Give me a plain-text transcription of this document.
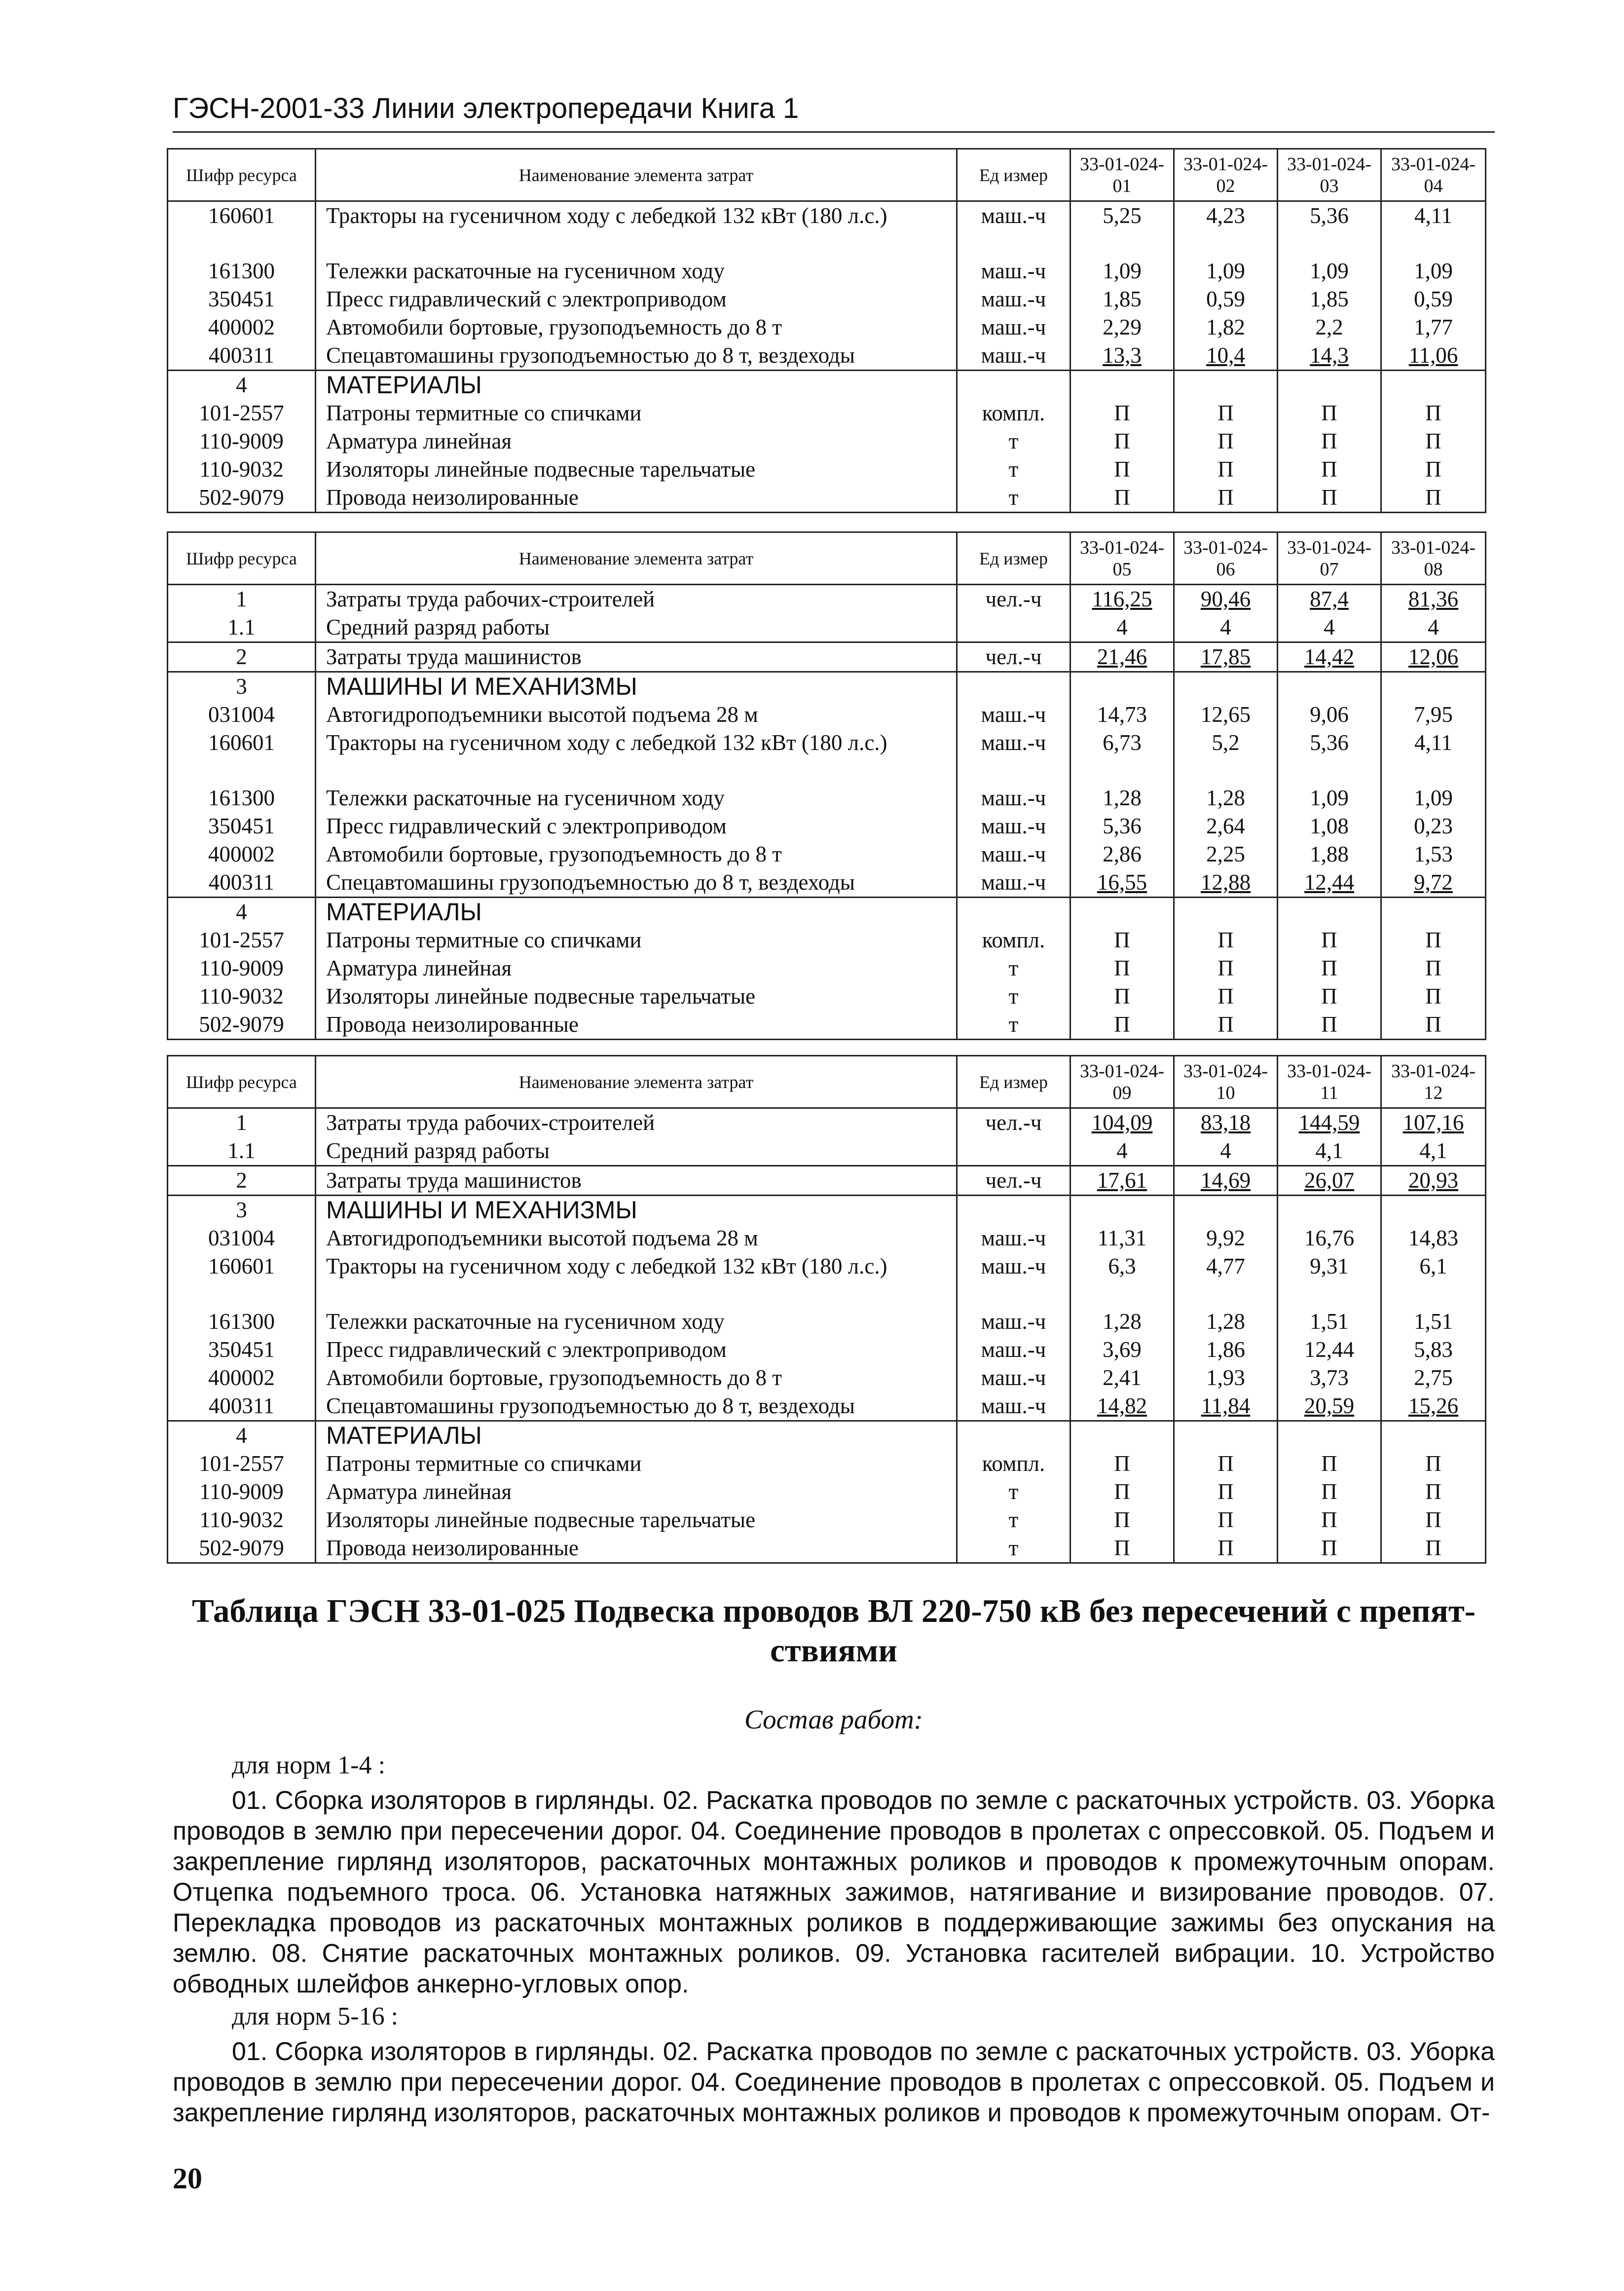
ГЭСН-2001-33 Линии электропередачи Книга 1
Шифр ресурса	Наименование элемента затрат	Ед измер	33-01-024-01	33-01-024-02	33-01-024-03	33-01-024-04
160601	Тракторы на гусеничном ходу с лебедкой 132 кВт (180 л.с.)	маш.-ч	5,25	4,23	5,36	4,11
161300	Тележки раскаточные на гусеничном ходу	маш.-ч	1,09	1,09	1,09	1,09
350451	Пресс гидравлический с электроприводом	маш.-ч	1,85	0,59	1,85	0,59
400002	Автомобили бортовые, грузоподъемность до 8 т	маш.-ч	2,29	1,82	2,2	1,77
400311	Спецавтомашины грузоподъемностью до 8 т, вездеходы	маш.-ч	13,3	10,4	14,3	11,06
4	МАТЕРИАЛЫ					
101-2557	Патроны термитные со спичками	компл.	П	П	П	П
110-9009	Арматура линейная	т	П	П	П	П
110-9032	Изоляторы линейные подвесные тарельчатые	т	П	П	П	П
502-9079	Провода неизолированные	т	П	П	П	П
Шифр ресурса	Наименование элемента затрат	Ед измер	33-01-024-05	33-01-024-06	33-01-024-07	33-01-024-08
1	Затраты труда рабочих-строителей	чел.-ч	116,25	90,46	87,4	81,36
1.1	Средний разряд работы		4	4	4	4
2	Затраты труда машинистов	чел.-ч	21,46	17,85	14,42	12,06
3	МАШИНЫ И МЕХАНИЗМЫ					
031004	Автогидроподъемники высотой подъема 28 м	маш.-ч	14,73	12,65	9,06	7,95
160601	Тракторы на гусеничном ходу с лебедкой 132 кВт (180 л.с.)	маш.-ч	6,73	5,2	5,36	4,11
161300	Тележки раскаточные на гусеничном ходу	маш.-ч	1,28	1,28	1,09	1,09
350451	Пресс гидравлический с электроприводом	маш.-ч	5,36	2,64	1,08	0,23
400002	Автомобили бортовые, грузоподъемность до 8 т	маш.-ч	2,86	2,25	1,88	1,53
400311	Спецавтомашины грузоподъемностью до 8 т, вездеходы	маш.-ч	16,55	12,88	12,44	9,72
4	МАТЕРИАЛЫ					
101-2557	Патроны термитные со спичками	компл.	П	П	П	П
110-9009	Арматура линейная	т	П	П	П	П
110-9032	Изоляторы линейные подвесные тарельчатые	т	П	П	П	П
502-9079	Провода неизолированные	т	П	П	П	П
Шифр ресурса	Наименование элемента затрат	Ед измер	33-01-024-09	33-01-024-10	33-01-024-11	33-01-024-12
1	Затраты труда рабочих-строителей	чел.-ч	104,09	83,18	144,59	107,16
1.1	Средний разряд работы		4	4	4,1	4,1
2	Затраты труда машинистов	чел.-ч	17,61	14,69	26,07	20,93
3	МАШИНЫ И МЕХАНИЗМЫ					
031004	Автогидроподъемники высотой подъема 28 м	маш.-ч	11,31	9,92	16,76	14,83
160601	Тракторы на гусеничном ходу с лебедкой 132 кВт (180 л.с.)	маш.-ч	6,3	4,77	9,31	6,1
161300	Тележки раскаточные на гусеничном ходу	маш.-ч	1,28	1,28	1,51	1,51
350451	Пресс гидравлический с электроприводом	маш.-ч	3,69	1,86	12,44	5,83
400002	Автомобили бортовые, грузоподъемность до 8 т	маш.-ч	2,41	1,93	3,73	2,75
400311	Спецавтомашины грузоподъемностью до 8 т, вездеходы	маш.-ч	14,82	11,84	20,59	15,26
4	МАТЕРИАЛЫ					
101-2557	Патроны термитные со спичками	компл.	П	П	П	П
110-9009	Арматура линейная	т	П	П	П	П
110-9032	Изоляторы линейные подвесные тарельчатые	т	П	П	П	П
502-9079	Провода неизолированные	т	П	П	П	П
Таблица ГЭСН 33-01-025 Подвеска проводов ВЛ 220-750 кВ без пересечений с препят-
ствиями
Состав работ:
для норм 1-4 :

01. Сборка изоляторов в гирлянды. 02. Раскатка проводов по земле с раскаточных устройств. 03. Уборка проводов в землю при пересечении дорог. 04. Соединение проводов в пролетах с опрессовкой. 05. Подъем и закрепление гирлянд изоляторов, раскаточных монтажных роликов и проводов к промежуточным опорам. Отцепка подъемного троса. 06. Установка натяжных зажимов, натягивание и визирование проводов. 07. Перекладка проводов из раскаточных монтажных роликов в поддерживающие зажимы без опускания на землю. 08. Снятие раскаточных монтажных роликов. 09. Установка гасителей вибрации. 10. Устройство обводных шлейфов анкерно-угловых опор.

для норм 5-16 :

01. Сборка изоляторов в гирлянды. 02. Раскатка проводов по земле с раскаточных устройств. 03. Уборка проводов в землю при пересечении дорог. 04. Соединение проводов в пролетах с опрессовкой. 05. Подъем и закрепление гирлянд изоляторов, раскаточных монтажных роликов и проводов к промежуточным опорам. От-

20
